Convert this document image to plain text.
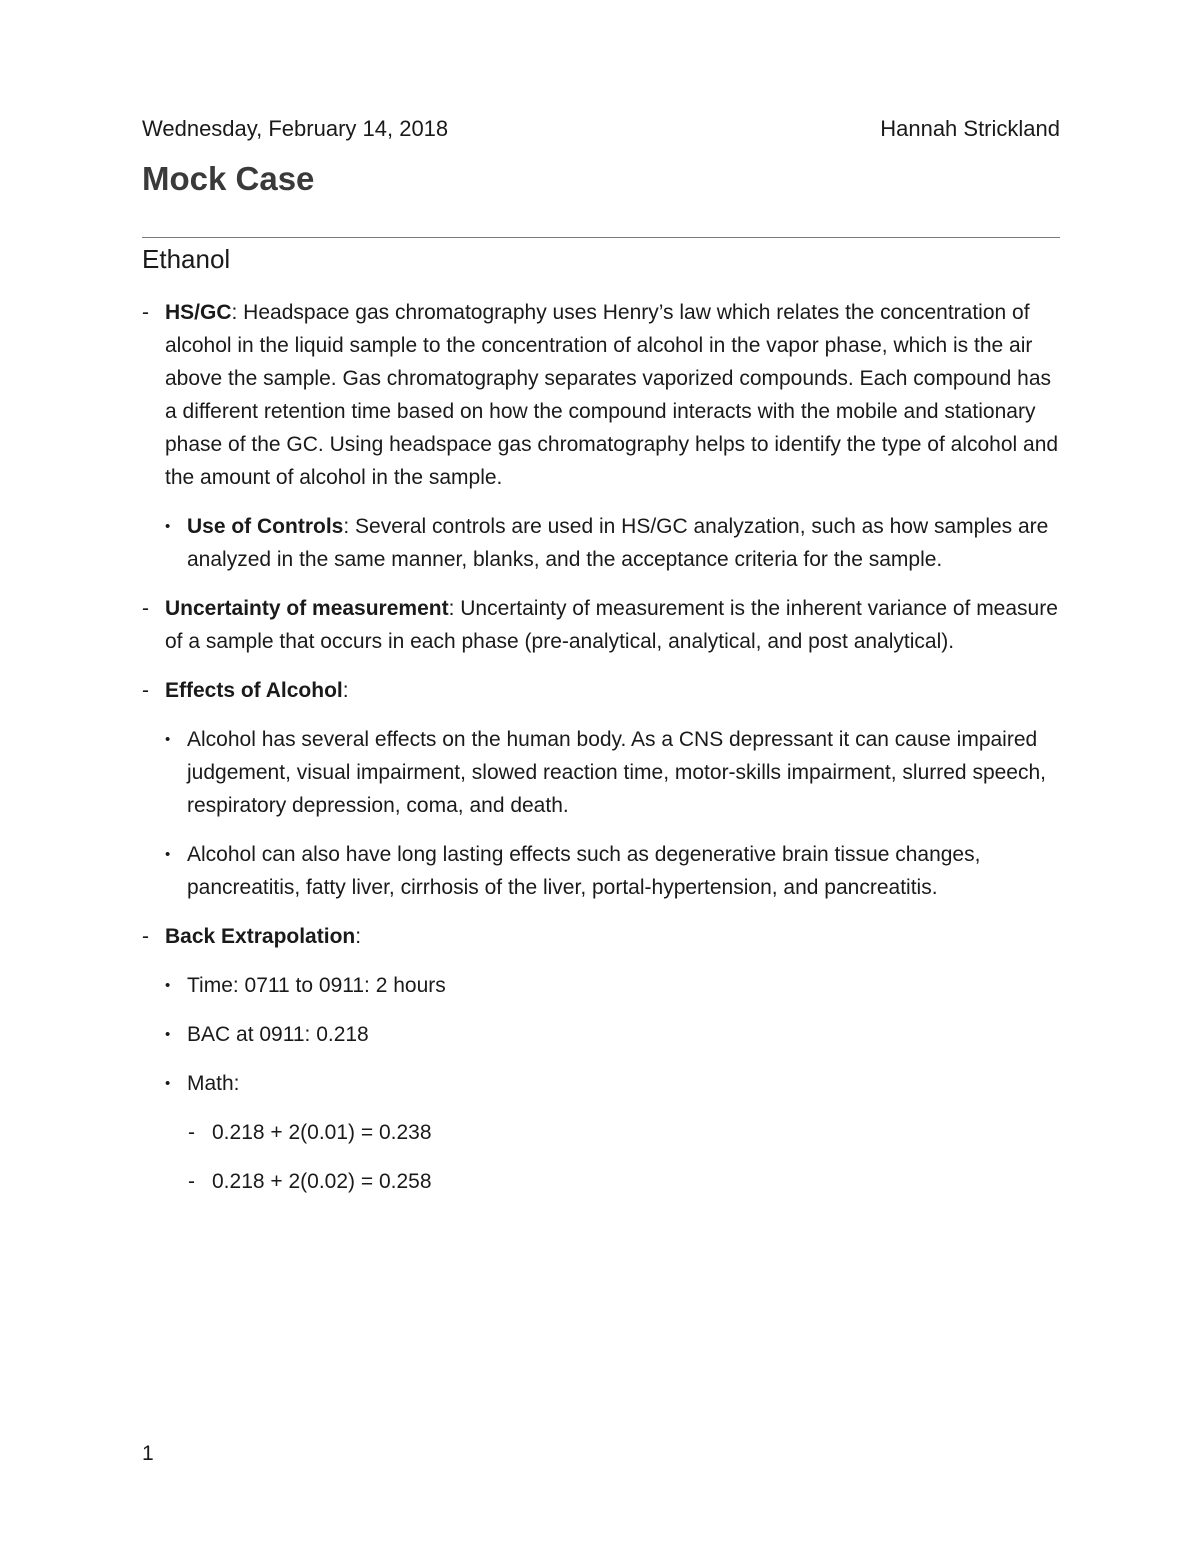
Wednesday, February 14, 2018	Hannah Strickland
Mock Case
Ethanol
- HS/GC: Headspace gas chromatography uses Henry’s law which relates the concentration of alcohol in the liquid sample to the concentration of alcohol in the vapor phase, which is the air above the sample. Gas chromatography separates vaporized compounds. Each compound has a different retention time based on how the compound interacts with the mobile and stationary phase of the GC. Using headspace gas chromatography helps to identify the type of alcohol and the amount of alcohol in the sample.
• Use of Controls: Several controls are used in HS/GC analyzation, such as how samples are analyzed in the same manner, blanks, and the acceptance criteria for the sample.
- Uncertainty of measurement: Uncertainty of measurement is the inherent variance of measure of a sample that occurs in each phase (pre-analytical, analytical, and post analytical).
- Effects of Alcohol:
• Alcohol has several effects on the human body. As a CNS depressant it can cause impaired judgement, visual impairment, slowed reaction time, motor-skills impairment, slurred speech, respiratory depression, coma, and death.
• Alcohol can also have long lasting effects such as degenerative brain tissue changes, pancreatitis, fatty liver, cirrhosis of the liver, portal-hypertension, and pancreatitis.
- Back Extrapolation:
• Time: 0711 to 0911: 2 hours
• BAC at 0911: 0.218
• Math:
- 0.218 + 2(0.01) = 0.238
- 0.218 + 2(0.02) = 0.258
1
